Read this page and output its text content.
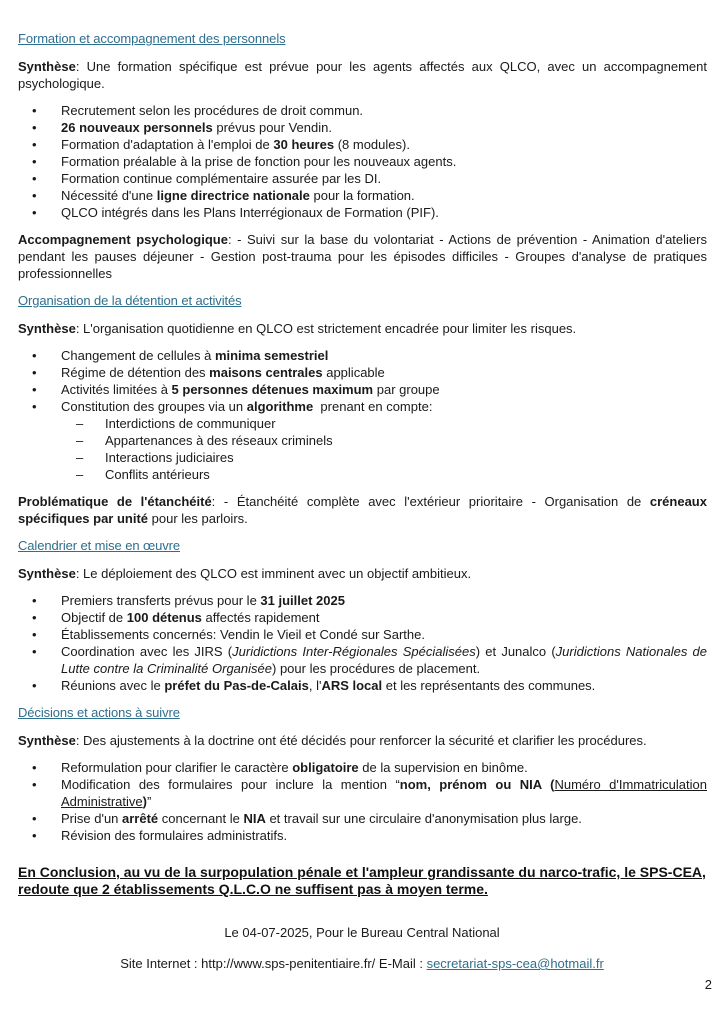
Formation et accompagnement des personnels

Synthèse: Une formation spécifique est prévue pour les agents affectés aux QLCO, avec un accompagnement psychologique.

• Recrutement selon les procédures de droit commun.
• 26 nouveaux personnels prévus pour Vendin.
• Formation d'adaptation à l'emploi de 30 heures (8 modules).
• Formation préalable à la prise de fonction pour les nouveaux agents.
• Formation continue complémentaire assurée par les DI.
• Nécessité d'une ligne directrice nationale pour la formation.
• QLCO intégrés dans les Plans Interrégionaux de Formation (PIF).

Accompagnement psychologique: - Suivi sur la base du volontariat - Actions de prévention - Animation d'ateliers pendant les pauses déjeuner - Gestion post-trauma pour les épisodes difficiles - Groupes d'analyse de pratiques professionnelles

Organisation de la détention et activités

Synthèse: L'organisation quotidienne en QLCO est strictement encadrée pour limiter les risques.

• Changement de cellules à minima semestriel
• Régime de détention des maisons centrales applicable
• Activités limitées à 5 personnes détenues maximum par groupe
• Constitution des groupes via un algorithme  prenant en compte:
– Interdictions de communiquer
– Appartenances à des réseaux criminels
– Interactions judiciaires
– Conflits antérieurs

Problématique de l'étanchéité: - Étanchéité complète avec l'extérieur prioritaire - Organisation de créneaux spécifiques par unité pour les parloirs.

Calendrier et mise en œuvre

Synthèse: Le déploiement des QLCO est imminent avec un objectif ambitieux.

• Premiers transferts prévus pour le 31 juillet 2025
• Objectif de 100 détenus affectés rapidement
• Établissements concernés: Vendin le Vieil et Condé sur Sarthe.
• Coordination avec les JIRS (Juridictions Inter-Régionales Spécialisées) et Junalco (Juridictions Nationales de Lutte contre la Criminalité Organisée) pour les procédures de placement.
• Réunions avec le préfet du Pas-de-Calais, l'ARS local et les représentants des communes.
Décisions et actions à suivre

Synthèse: Des ajustements à la doctrine ont été décidés pour renforcer la sécurité et clarifier les procédures.

• Reformulation pour clarifier le caractère obligatoire de la supervision en binôme.
• Modification des formulaires pour inclure la mention “nom, prénom ou NIA (Numéro d'Immatriculation Administrative)”
• Prise d'un arrêté concernant le NIA et travail sur une circulaire d'anonymisation plus large.
• Révision des formulaires administratifs.

En Conclusion, au vu de la surpopulation pénale et l'ampleur grandissante du narco-trafic, le SPS-CEA, redoute que 2 établissements Q.L.C.O ne suffisent pas à moyen terme.

Le 04-07-2025, Pour le Bureau Central National
Site Internet : http://www.sps-penitentiaire.fr/ E-Mail : secretariat-sps-cea@hotmail.fr
2
